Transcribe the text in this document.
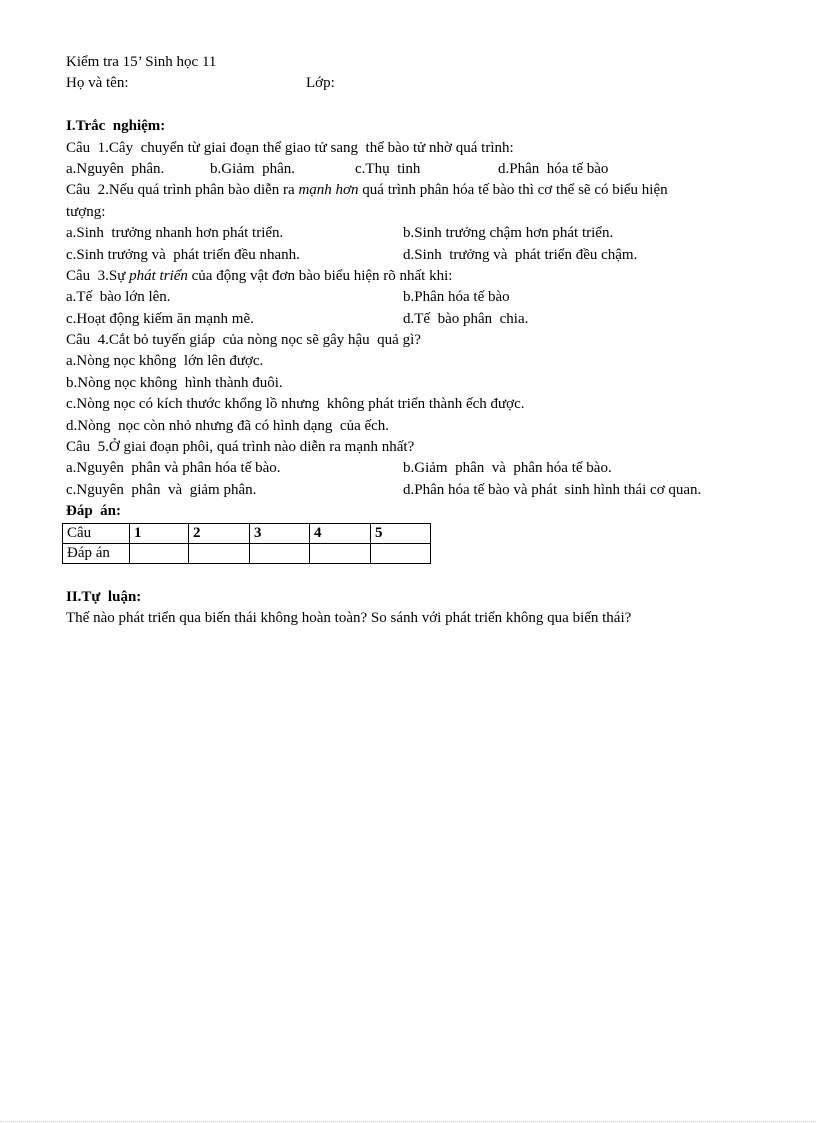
Kiểm tra 15’ Sinh học 11
Họ và tên:	Lớp:
I.Trắc  nghiệm:
Câu  1.Cây  chuyển từ giai đoạn thể giao tử sang  thể bào tử nhờ quá trình:
a.Nguyên  phân.	b.Giảm  phân.	c.Thụ  tinh	d.Phân  hóa tế bào
Câu  2.Nếu quá trình phân bào diễn ra mạnh hơn quá trình phân hóa tế bào thì cơ thể sẽ có biểu hiện
tượng:
a.Sinh  trưởng nhanh hơn phát triển.	b.Sinh trưởng chậm hơn phát triển.
c.Sinh trưởng và  phát triển đều nhanh.	d.Sinh  trưởng và  phát triển đều chậm.
Câu  3.Sự phát triển của động vật đơn bào biểu hiện rõ nhất khi:
a.Tế  bào lớn lên.	b.Phân hóa tế bào
c.Hoạt động kiếm ăn mạnh mẽ.	d.Tế  bào phân  chia.
Câu  4.Cắt bỏ tuyến giáp  của nòng nọc sẽ gây hậu  quả gì?
a.Nòng nọc không  lớn lên được.
b.Nòng nọc không  hình thành đuôi.
c.Nòng nọc có kích thước khổng lồ nhưng  không phát triển thành ếch được.
d.Nòng  nọc còn nhỏ nhưng đã có hình dạng  của ếch.
Câu  5.Ở giai đoạn phôi, quá trình nào diễn ra mạnh nhất?
a.Nguyên  phân và phân hóa tế bào.	b.Giảm  phân  và  phân hóa tế bào.
c.Nguyên  phân  và  giảm phân.	d.Phân hóa tế bào và phát  sinh hình thái cơ quan.
Đáp  án:
Câu	1	2	3	4	5
Đáp án					
II.Tự  luận:
Thế nào phát triển qua biến thái không hoàn toàn? So sánh với phát triển không qua biến thái?
